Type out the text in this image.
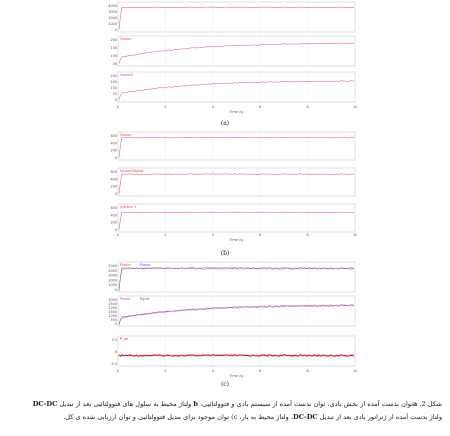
4000
3000
2000
1000
0
200
150
100
50
Vsolar
200
150
100
50
0
Vsolar2
0	2	4	6	8	10
Time (s)
(a)
600
400
200
0
Vsolar
600
400
200
0
Vsolar2Boost
600
400
200
0
Vdcbus 1
0	2	4	6	8	10
Time (s)
(b)
5000
4000
3000
2000
1000
0
Pwind	Psolar
3000
2500
2000
1500
1000
500
0
Pload	Pgrid
0.5
0
-0.5
P_sh
0	2	4	6	8	10
Time (s)
(c)
شکل 2. aتوان بدست آمده از بخش بادی، توان بدست آمده از سیستم بادی و فتوولتائیی، b ولتاژ محیط به سلول های فتوولتائیی بعد از تبدیل DC-DC
ولتاژ بدست آمده از ژنراتور بادی بعد از تبدیل DC-DC، ولتاژ محیط به بار، c) توان موجود برای مدیل فتوولتائیی و توان ارزیابی شده ی کل.
